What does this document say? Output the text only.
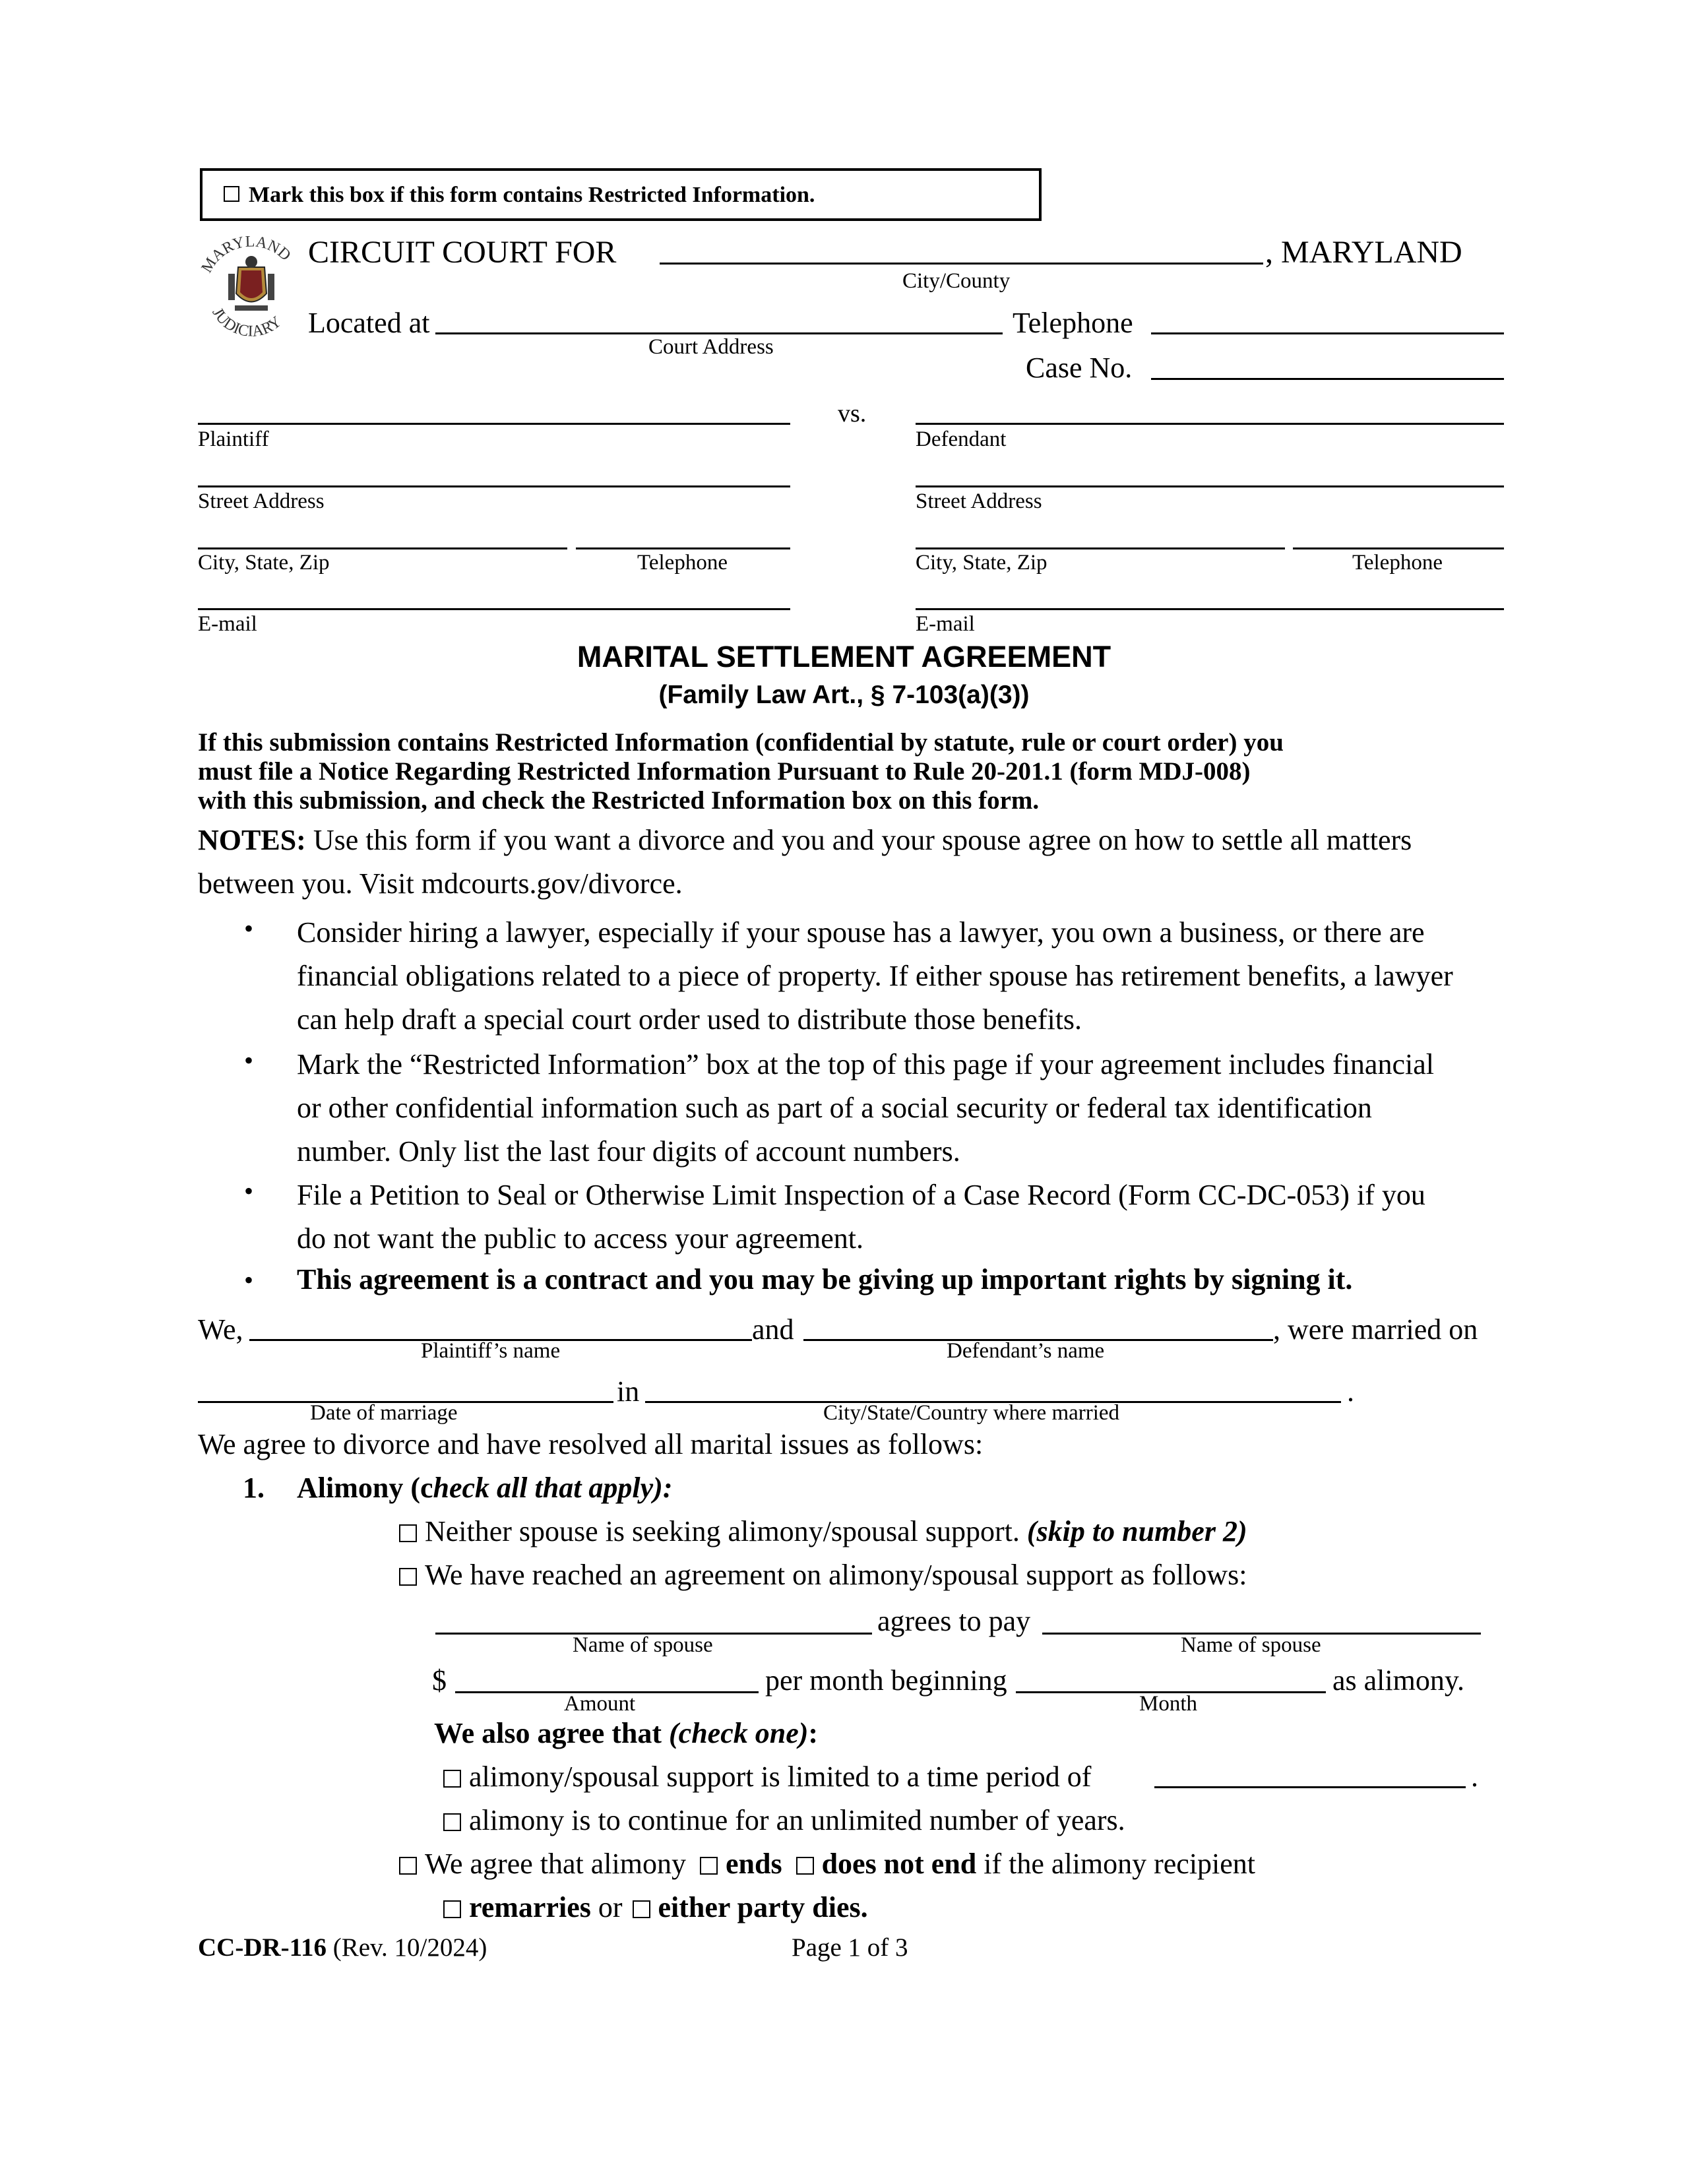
Mark this box if this form contains Restricted Information.
MARYLAND
JUDICIARY
CIRCUIT COURT FOR	, MARYLAND
City/County
Located at
Court Address
Telephone
Case No.
vs.
Plaintiff	Defendant
Street Address	Street Address
City, State, Zip	Telephone	City, State, Zip	Telephone
E-mail	E-mail
MARITAL SETTLEMENT AGREEMENT
(Family Law Art., § 7-103(a)(3))
If this submission contains Restricted Information (confidential by statute, rule or court order) you
must file a Notice Regarding Restricted Information Pursuant to Rule 20-201.1 (form MDJ-008)
with this submission, and check the Restricted Information box on this form.
NOTES: Use this form if you want a divorce and you and your spouse agree on how to settle all matters
between you. Visit mdcourts.gov/divorce.
• Consider hiring a lawyer, especially if your spouse has a lawyer, you own a business, or there are
financial obligations related to a piece of property. If either spouse has retirement benefits, a lawyer
can help draft a special court order used to distribute those benefits.
• Mark the “Restricted Information” box at the top of this page if your agreement includes financial
or other confidential information such as part of a social security or federal tax identification
number. Only list the last four digits of account numbers.
• File a Petition to Seal or Otherwise Limit Inspection of a Case Record (Form CC-DC-053) if you
do not want the public to access your agreement.
• This agreement is a contract and you may be giving up important rights by signing it.
We,	and	, were married on
Plaintiff’s name	Defendant’s name
in	.
Date of marriage	City/State/Country where married
We agree to divorce and have resolved all marital issues as follows:
1. Alimony (check all that apply):
Neither spouse is seeking alimony/spousal support. (skip to number 2)
We have reached an agreement on alimony/spousal support as follows:
agrees to pay
Name of spouse	Name of spouse
$	per month beginning	as alimony.
Amount	Month
We also agree that (check one):
alimony/spousal support is limited to a time period of	.
alimony is to continue for an unlimited number of years.
We agree that alimony ends does not end if the alimony recipient
remarries or either party dies.
CC-DR-116 (Rev. 10/2024)	Page 1 of 3
